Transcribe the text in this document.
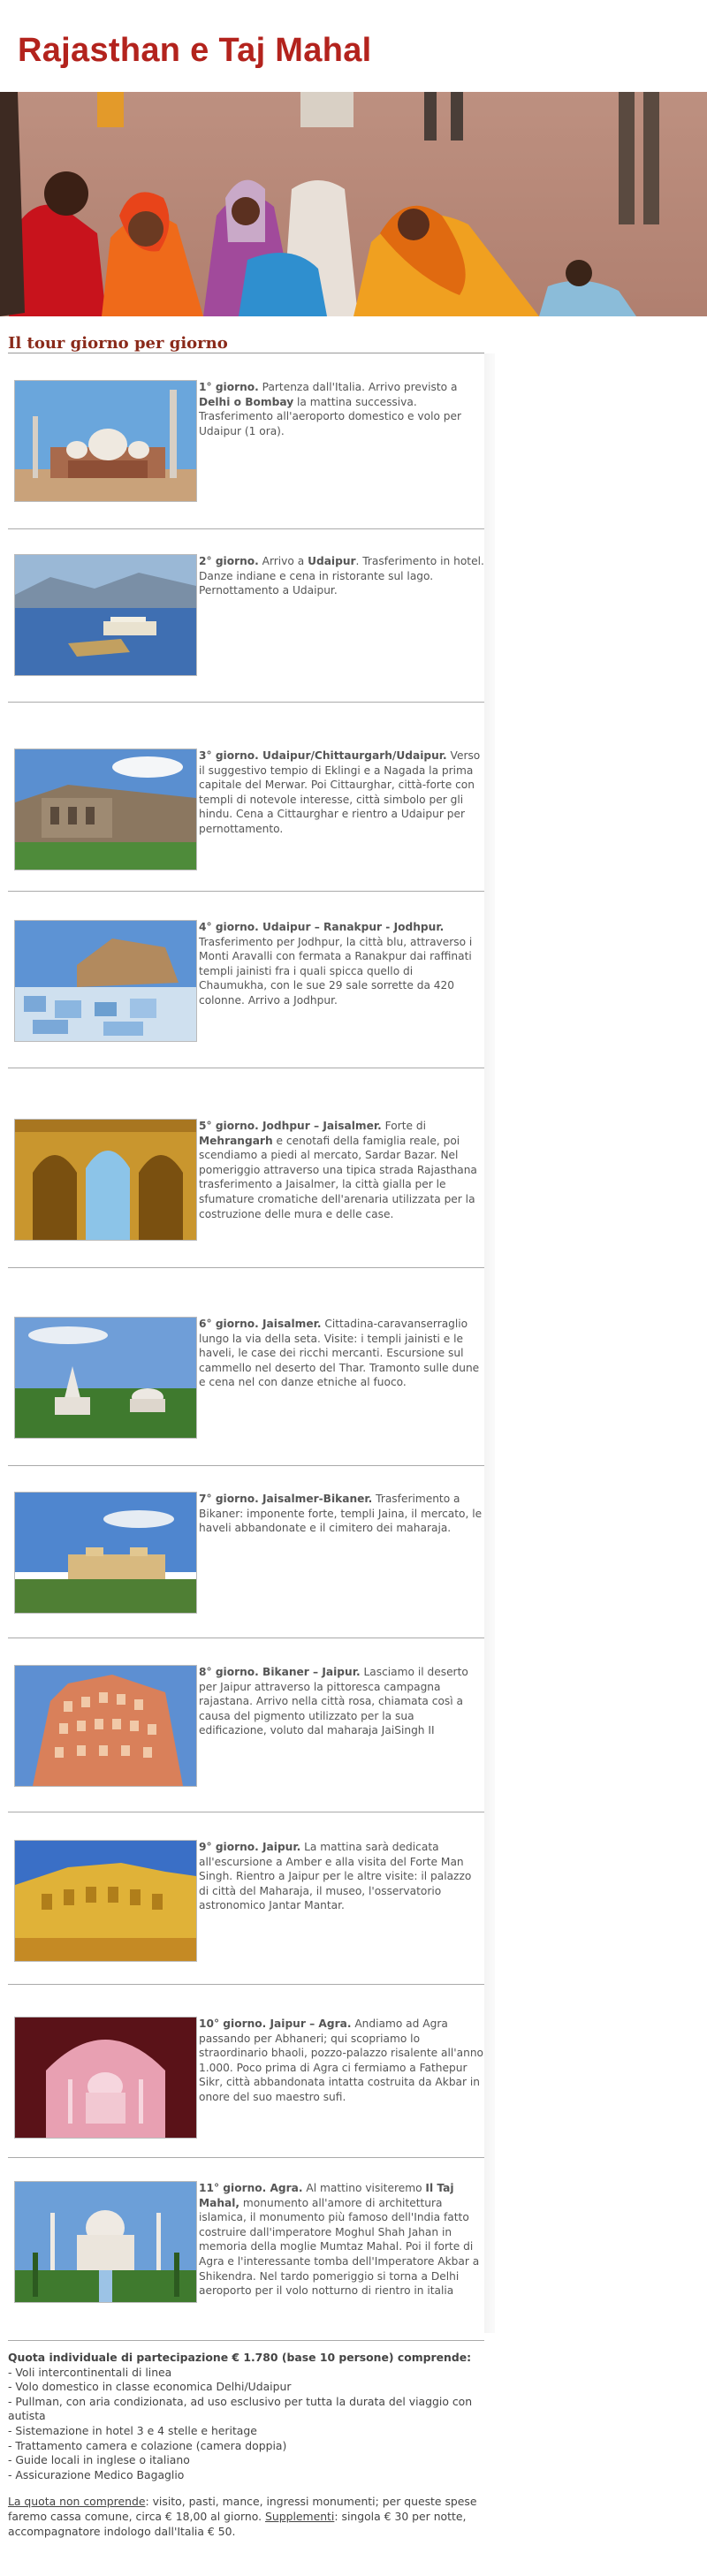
Rajasthan e Taj Mahal
Il tour giorno per giorno
1° giorno. Partenza dall'Italia. Arrivo previsto a Delhi o Bombay la mattina successiva. Trasferimento all'aeroporto domestico e volo per Udaipur (1 ora).
2° giorno. Arrivo a Udaipur. Trasferimento in hotel. Danze indiane e cena in ristorante sul lago. Pernottamento a Udaipur.
3° giorno. Udaipur/Chittaurgarh/Udaipur. Verso il suggestivo tempio di Eklingi e a Nagada la prima capitale del Merwar. Poi Cittaurghar, città-forte con templi di notevole interesse, città simbolo per gli hindu. Cena a Cittaurghar e rientro a Udaipur per pernottamento.
4° giorno. Udaipur – Ranakpur - Jodhpur. Trasferimento per Jodhpur, la città blu, attraverso i Monti Aravalli con fermata a Ranakpur dai raffinati templi jainisti fra i quali spicca quello di Chaumukha, con le sue 29 sale sorrette da 420 colonne. Arrivo a Jodhpur.
5° giorno. Jodhpur – Jaisalmer. Forte di Mehrangarh e cenotafi della famiglia reale, poi scendiamo a piedi al mercato, Sardar Bazar. Nel pomeriggio attraverso una tipica strada Rajasthana trasferimento a Jaisalmer, la città gialla per le sfumature cromatiche dell'arenaria utilizzata per la costruzione delle mura e delle case.
6° giorno. Jaisalmer. Cittadina-caravanserraglio lungo la via della seta. Visite: i templi jainisti e le haveli, le case dei ricchi mercanti. Escursione sul cammello nel deserto del Thar. Tramonto sulle dune e cena nel con danze etniche al fuoco.
7° giorno. Jaisalmer-Bikaner. Trasferimento a Bikaner: imponente forte, templi Jaina, il mercato, le haveli abbandonate e il cimitero dei maharaja.
8° giorno. Bikaner – Jaipur. Lasciamo il deserto per Jaipur attraverso la pittoresca campagna rajastana. Arrivo nella città rosa, chiamata così a causa del pigmento utilizzato per la sua edificazione, voluto dal maharaja JaiSingh II
9° giorno. Jaipur. La mattina sarà dedicata all'escursione a Amber e alla visita del Forte Man Singh. Rientro a Jaipur per le altre visite: il palazzo di città del Maharaja, il museo, l'osservatorio astronomico Jantar Mantar.
10° giorno. Jaipur – Agra. Andiamo ad Agra passando per Abhaneri; qui scopriamo lo straordinario bhaoli, pozzo-palazzo risalente all'anno 1.000. Poco prima di Agra ci fermiamo a Fathepur Sikr, città abbandonata intatta costruita da Akbar in onore del suo maestro sufi.
11° giorno. Agra. Al mattino visiteremo Il Taj Mahal, monumento all'amore di architettura islamica, il monumento più famoso dell'India fatto costruire dall'imperatore Moghul Shah Jahan in memoria della moglie Mumtaz Mahal. Poi il forte di Agra e l'interessante tomba dell'Imperatore Akbar a Shikendra. Nel tardo pomeriggio si torna a Delhi aeroporto per il volo notturno di rientro in italia
Quota individuale di partecipazione € 1.780 (base 10 persone) comprende:
- Voli intercontinentali di linea
- Volo domestico in classe economica Delhi/Udaipur
- Pullman, con aria condizionata, ad uso esclusivo per tutta la durata del viaggio con autista
- Sistemazione in hotel 3 e 4 stelle e heritage
- Trattamento camera e colazione (camera doppia)
- Guide locali in inglese o italiano
- Assicurazione Medico Bagaglio
La quota non comprende: visito, pasti, mance, ingressi monumenti; per queste spese faremo cassa comune, circa € 18,00 al giorno. Supplementi: singola € 30 per notte, accompagnatore indologo dall'Italia € 50.
